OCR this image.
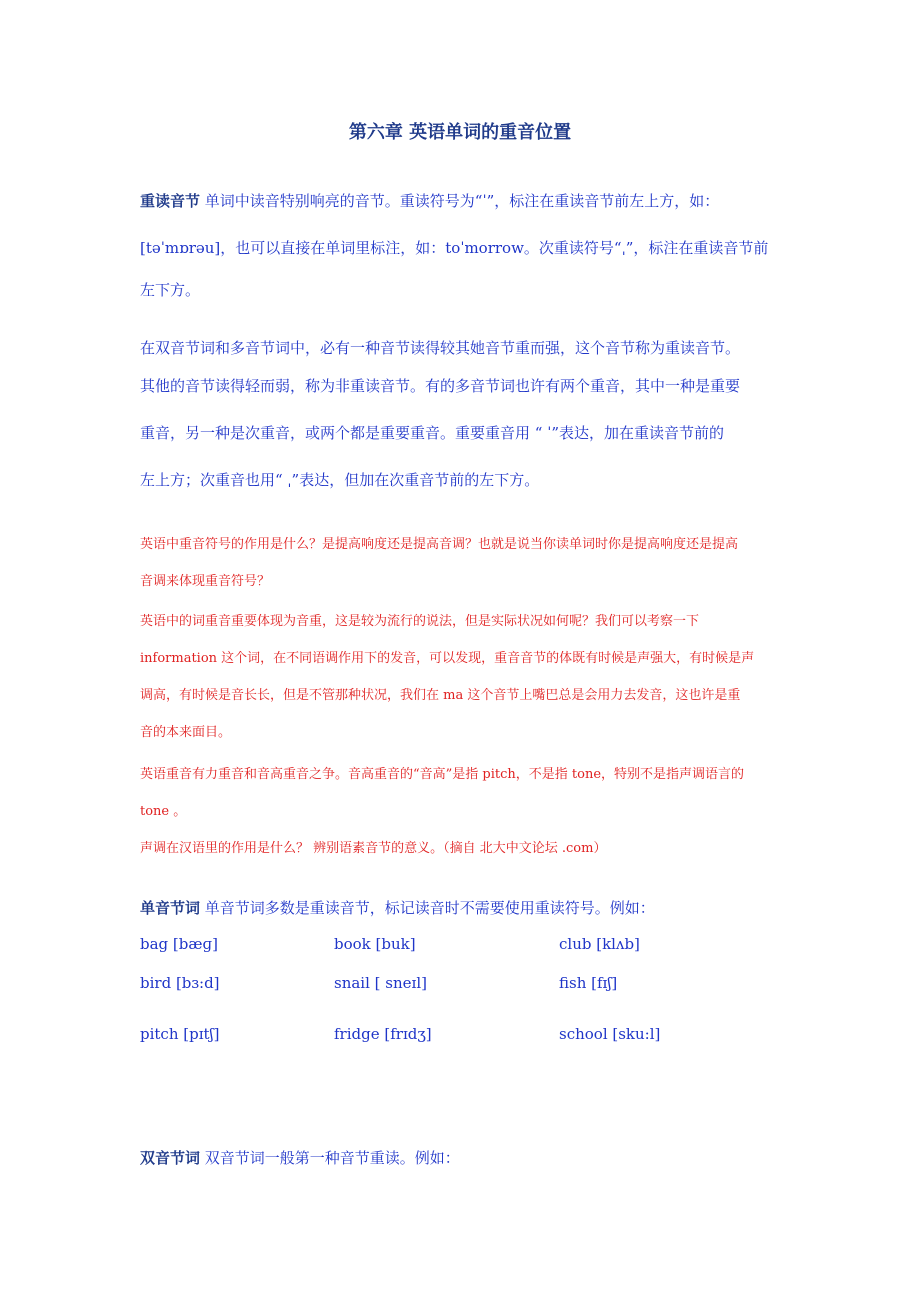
第六章 英语单词的重音位置
重读音节 单词中读音特别响亮的音节。重读符号为“ˈ”，标注在重读音节前左上方，如：
[təˈmɒrəu]，也可以直接在单词里标注，如：toˈmorrow。次重读符号“ˌ”，标注在重读音节前
左下方。
在双音节词和多音节词中，必有一种音节读得较其她音节重而强，这个音节称为重读音节。
其他的音节读得轻而弱，称为非重读音节。有的多音节词也许有两个重音，其中一种是重要
重音，另一种是次重音，或两个都是重要重音。重要重音用 “ ˈ”表达，加在重读音节前的
左上方；次重音也用“ ˌ”表达，但加在次重音节前的左下方。
英语中重音符号的作用是什么？是提高响度还是提高音调？也就是说当你读单词时你是提高响度还是提高
音调来体现重音符号？
英语中的词重音重要体现为音重，这是较为流行的说法，但是实际状况如何呢？我们可以考察一下
information 这个词，在不同语调作用下的发音，可以发现，重音音节的体既有时候是声强大，有时候是声
调高，有时候是音长长，但是不管那种状况，我们在 ma 这个音节上嘴巴总是会用力去发音，这也许是重
音的本来面目。
英语重音有力重音和音高重音之争。音高重音的“音高”是指 pitch，不是指 tone，特别不是指声调语言的
tone 。
声调在汉语里的作用是什么？ 辨别语素音节的意义。（摘自 北大中文论坛 .com）
单音节词 单音节词多数是重读音节，标记读音时不需要使用重读符号。例如：
bag [bæɡ]	book [buk]	club [klʌb]
bird [bɜ:d]	snail [ sneɪl]	fish [fɪʃ]
pitch [pɪtʃ]	fridge [frɪdʒ]	school [sku:l]
双音节词 双音节词一般第一种音节重读。例如：
